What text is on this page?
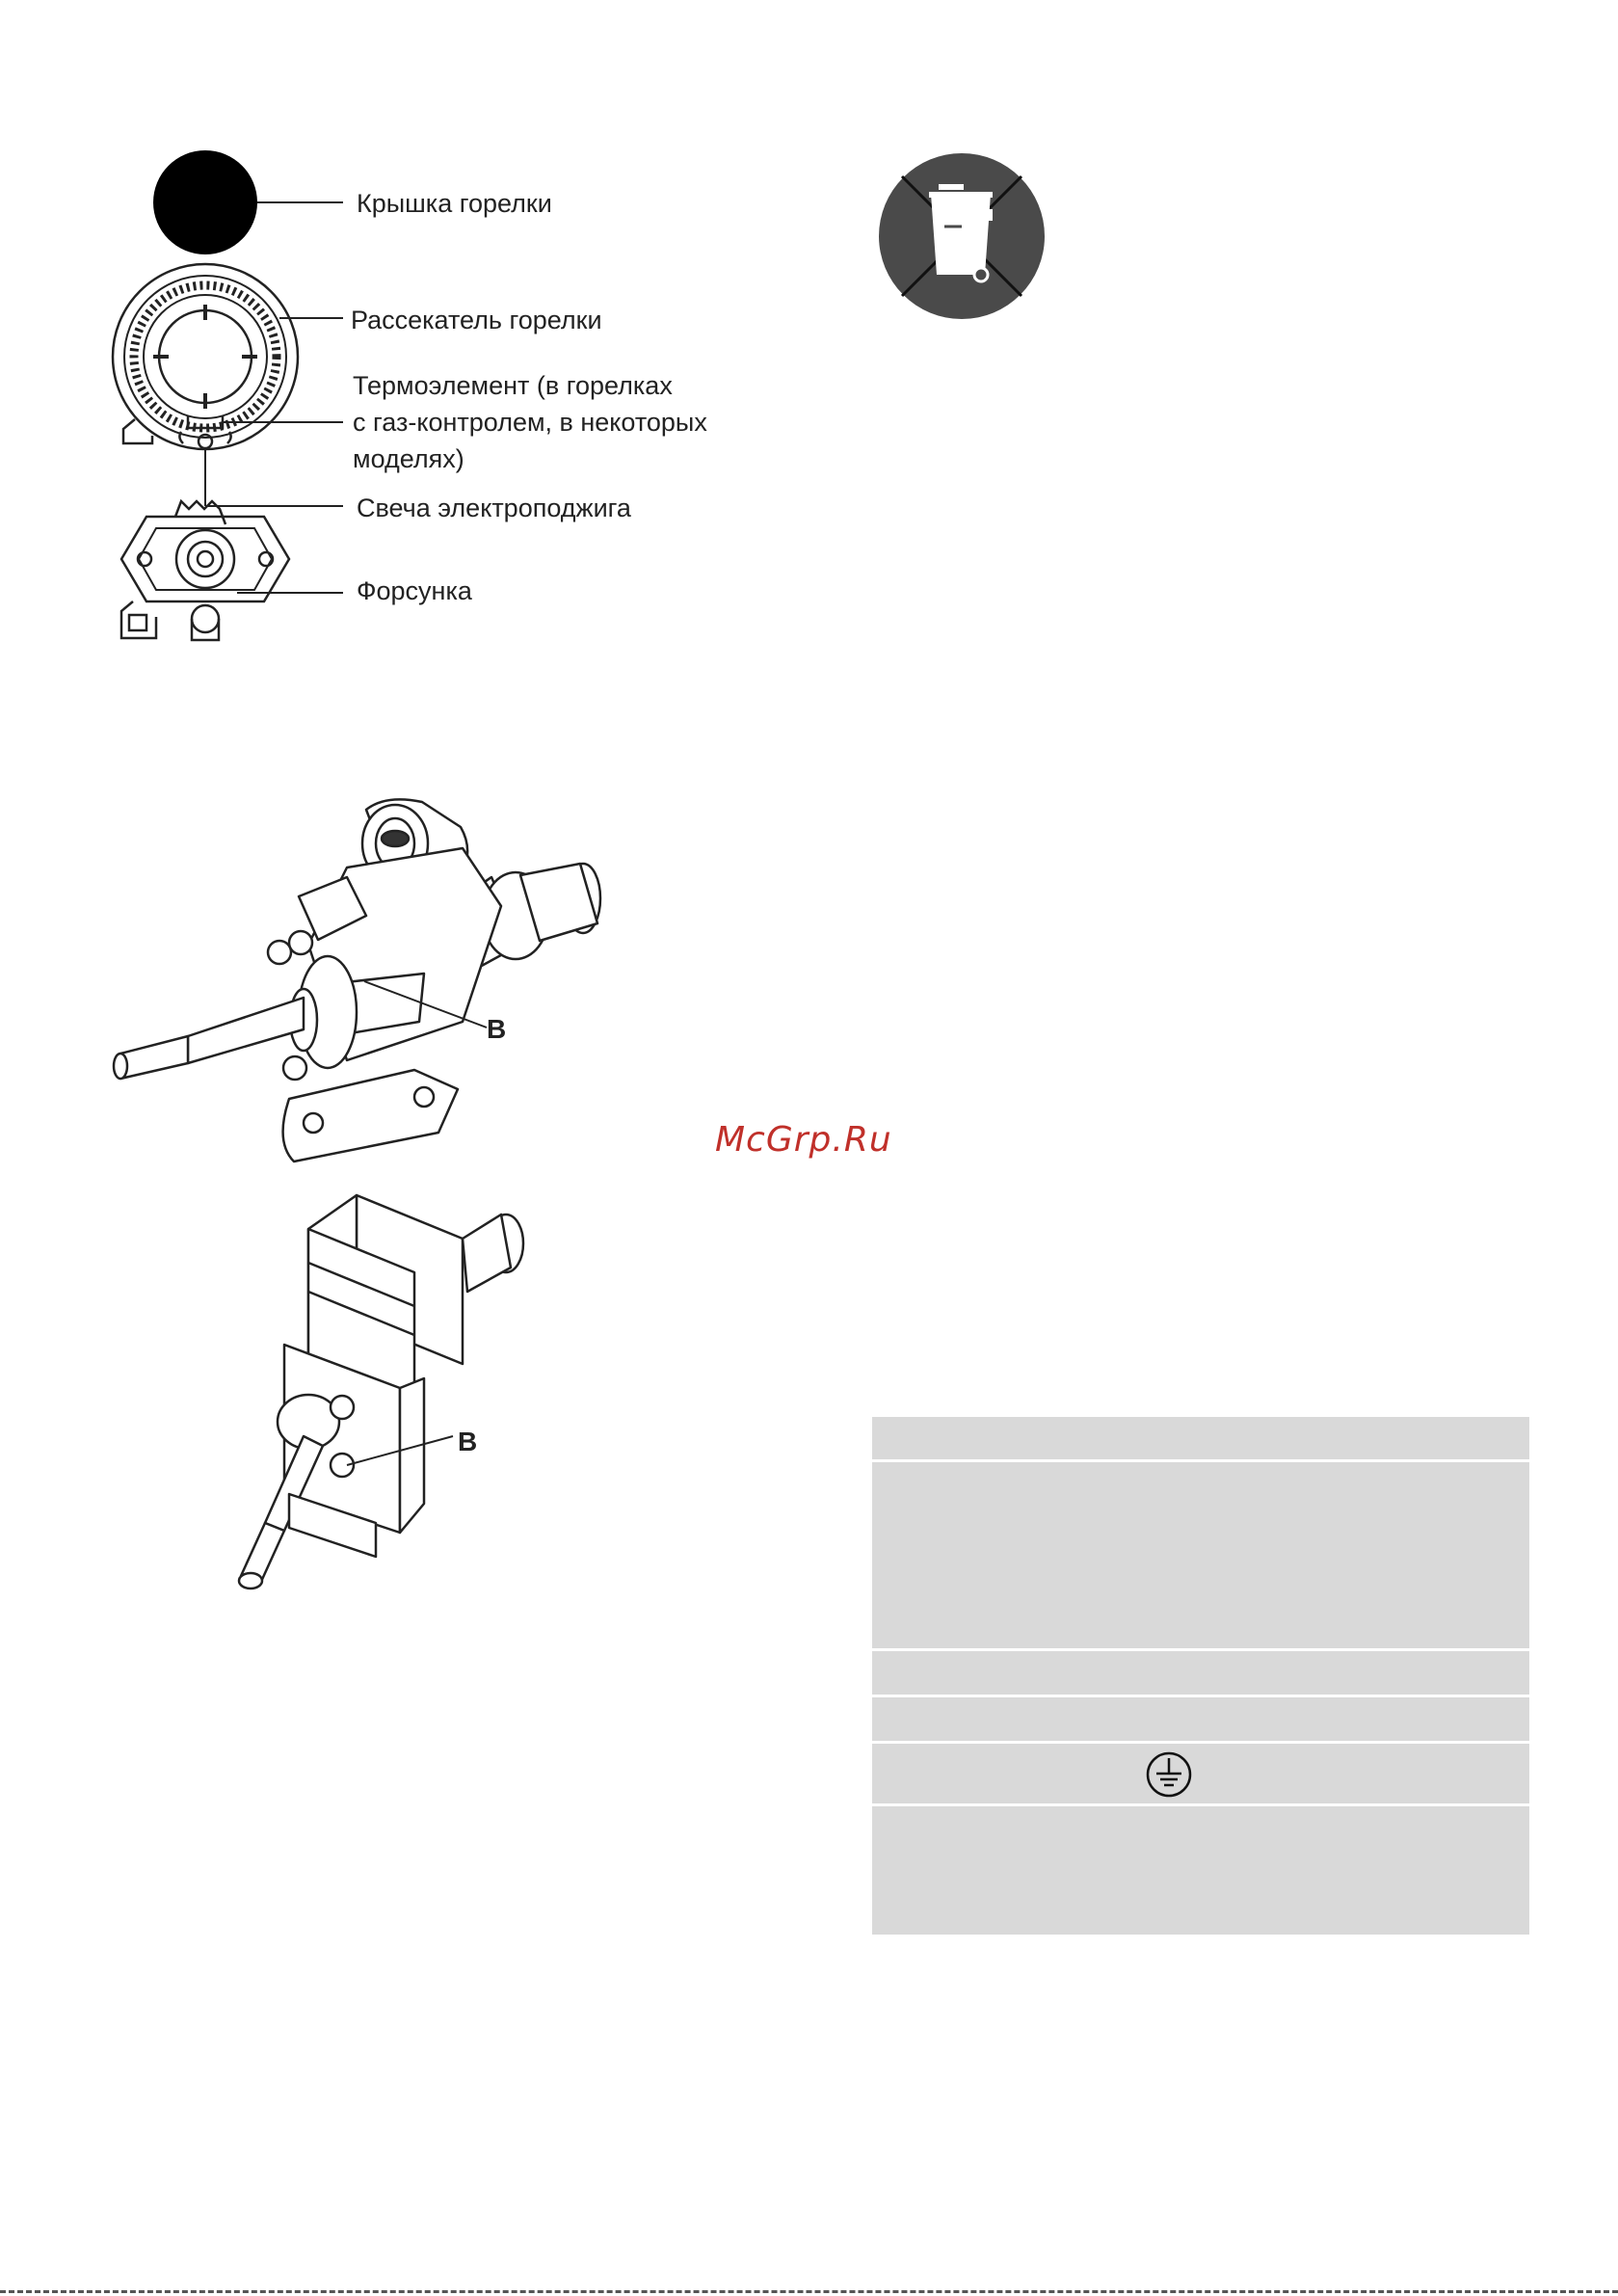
Крышка горелки
Рассекатель горелки
Термоэлемент (в горелках
с газ-контролем, в некоторых
моделях)
Свеча электроподжига
Форсунка
B
McGrp.Ru
B
